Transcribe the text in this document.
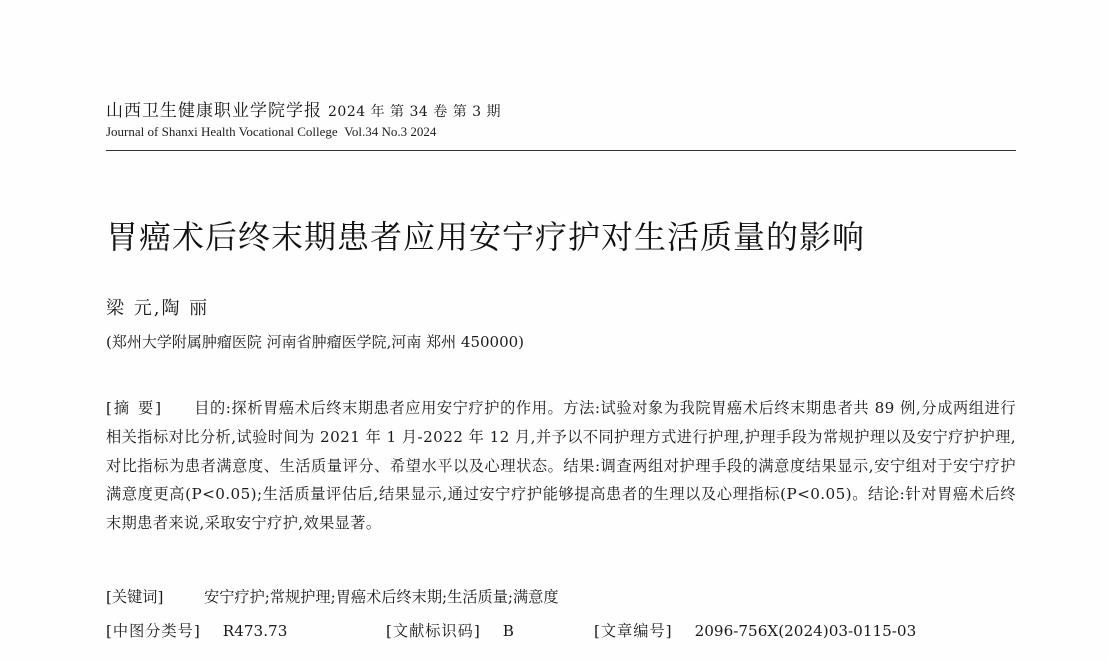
山西卫生健康职业学院学报 2024 年 第 34 卷 第 3 期
Journal of Shanxi Health Vocational College Vol.34 No.3 2024
胃癌术后终末期患者应用安宁疗护对生活质量的影响
梁 元,陶 丽
(郑州大学附属肿瘤医院 河南省肿瘤医学院,河南 郑州 450000)
[摘 要] 目的:探析胃癌术后终末期患者应用安宁疗护的作用。方法:试验对象为我院胃癌术后终末期患者共 89 例,分成两组进行相关指标对比分析,试验时间为 2021 年 1 月-2022 年 12 月,并予以不同护理方式进行护理,护理手段为常规护理以及安宁疗护护理,对比指标为患者满意度、生活质量评分、希望水平以及心理状态。结果:调查两组对护理手段的满意度结果显示,安宁组对于安宁疗护满意度更高(P<0.05);生活质量评估后,结果显示,通过安宁疗护能够提高患者的生理以及心理指标(P<0.05)。结论:针对胃癌术后终末期患者来说,采取安宁疗护,效果显著。
[关键词]	安宁疗护;常规护理;胃癌术后终末期;生活质量;满意度
[中图分类号] R473.73	[文献标识码] B	[文章编号] 2096-756X(2024)03-0115-03
